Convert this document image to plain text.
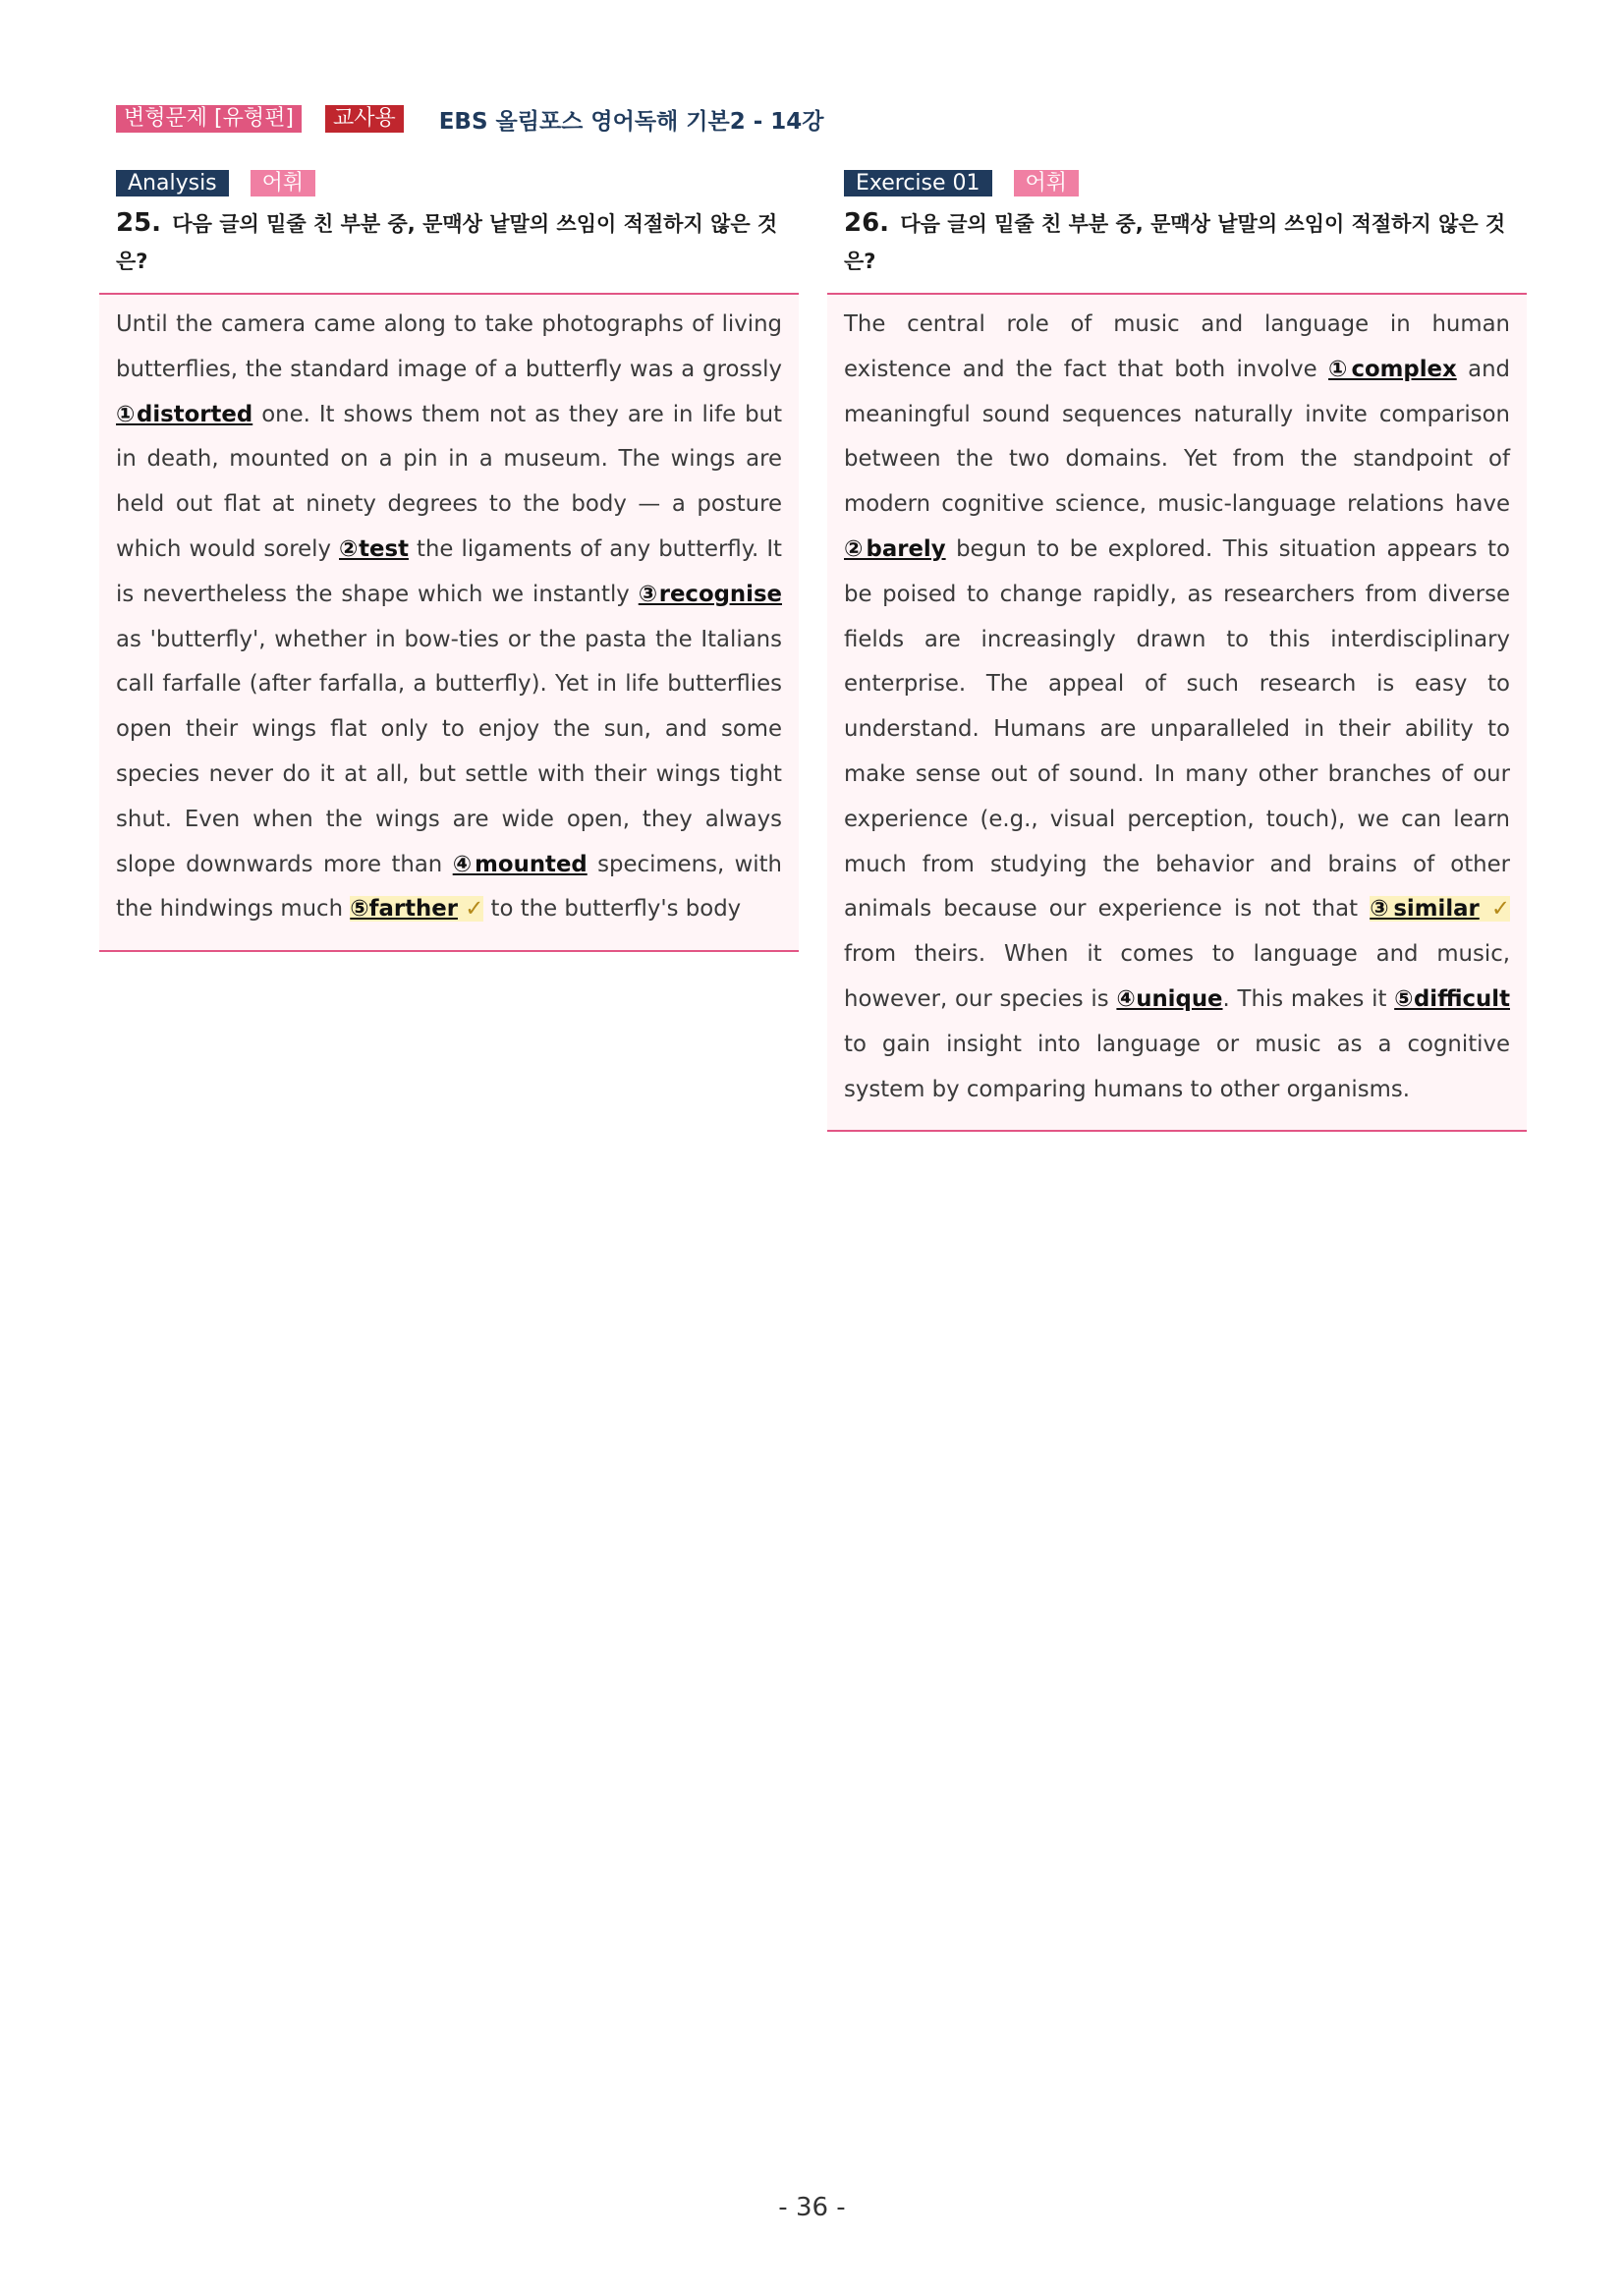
변형문제 [유형편]	교사용	EBS 올림포스 영어독해 기본2 - 14강
Analysis	어휘
25. 다음 글의 밑줄 친 부분 중, 문맥상 낱말의 쓰임이 적절하지 않은 것은?

Until the camera came along to take photographs of living butterflies, the standard image of a butterfly was a grossly ①distorted one. It shows them not as they are in life but in death, mounted on a pin in a museum. The wings are held out flat at ninety degrees to the body — a posture which would sorely ②test the ligaments of any butterfly. It is nevertheless the shape which we instantly ③recognise as 'butterfly', whether in bow-ties or the pasta the Italians call farfalle (after farfalla, a butterfly). Yet in life butterflies open their wings flat only to enjoy the sun, and some species never do it at all, but settle with their wings tight shut. Even when the wings are wide open, they always slope downwards more than ④mounted specimens, with the hindwings much ⑤farther ✓ to the butterfly's body

Exercise 01	어휘
26. 다음 글의 밑줄 친 부분 중, 문맥상 낱말의 쓰임이 적절하지 않은 것은?

The central role of music and language in human existence and the fact that both involve ①complex and meaningful sound sequences naturally invite comparison between the two domains. Yet from the standpoint of modern cognitive science, music-language relations have ②barely begun to be explored. This situation appears to be poised to change rapidly, as researchers from diverse fields are increasingly drawn to this interdisciplinary enterprise. The appeal of such research is easy to understand. Humans are unparalleled in their ability to make sense out of sound. In many other branches of our experience (e.g., visual perception, touch), we can learn much from studying the behavior and brains of other animals because our experience is not that ③similar ✓ from theirs. When it comes to language and music, however, our species is ④unique. This makes it ⑤difficult to gain insight into language or music as a cognitive system by comparing humans to other organisms.

- 36 -
